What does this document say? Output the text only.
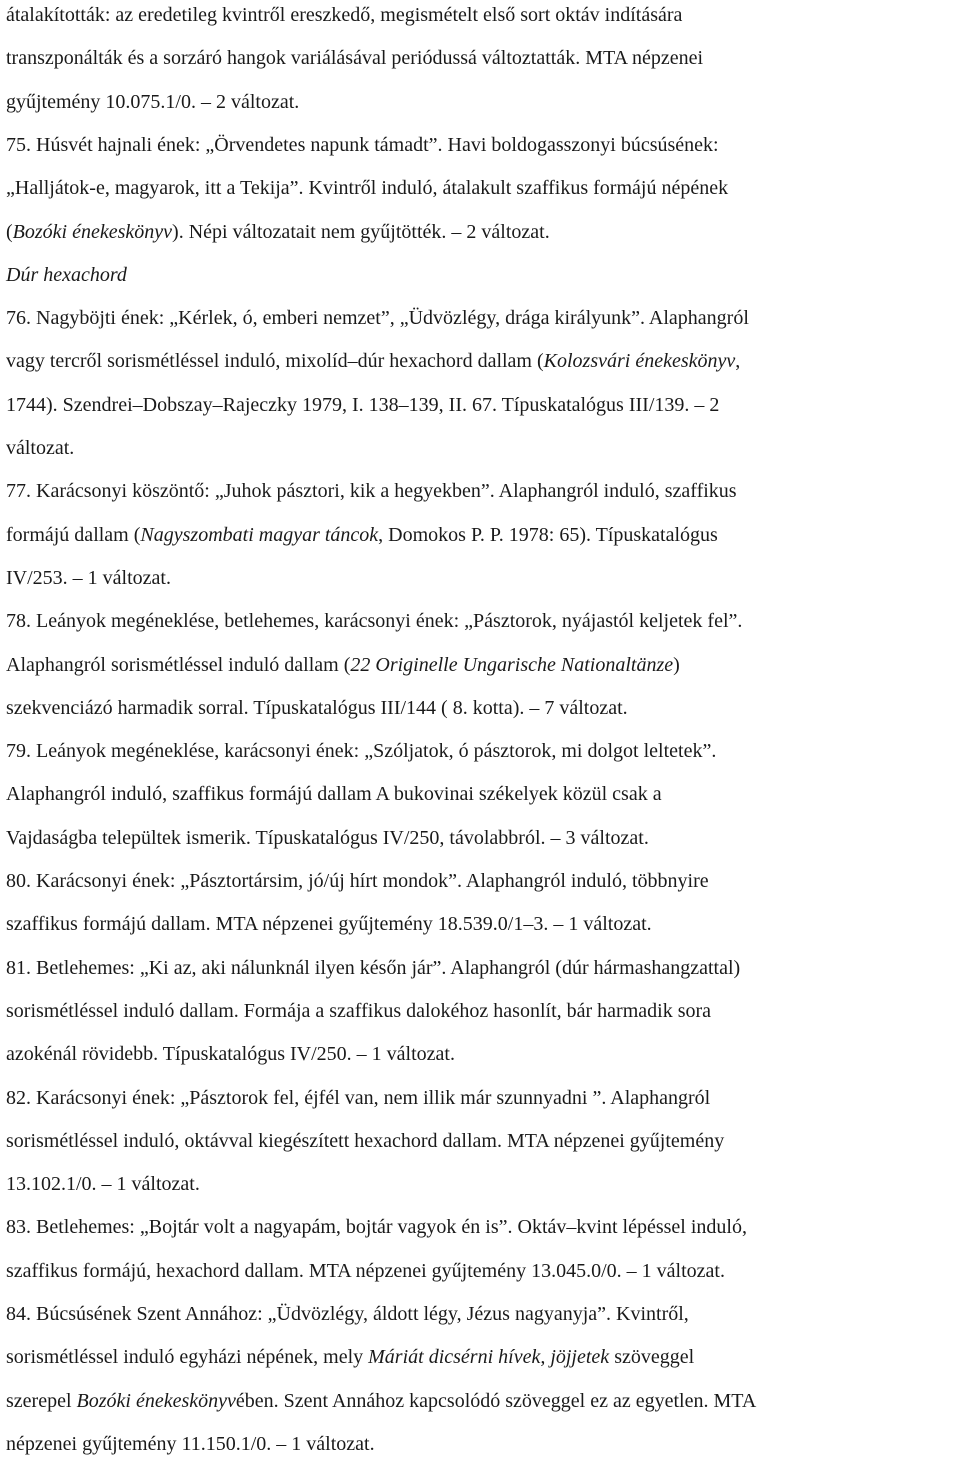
átalakították: az eredetileg kvintről ereszkedő, megismételt első sort oktáv indítására
transzponálták és a sorzáró hangok variálásával periódussá változtatták. MTA népzenei
gyűjtemény 10.075.1/0. – 2 változat.
75. Húsvét hajnali ének: „Örvendetes napunk támadt”. Havi boldogasszonyi búcsúsének:
„Halljátok-e, magyarok, itt a Tekija”. Kvintről induló, átalakult szaffikus formájú népének
(Bozóki énekeskönyv). Népi változatait nem gyűjtötték. – 2 változat.
Dúr hexachord
76. Nagyböjti ének: „Kérlek, ó, emberi nemzet”, „Üdvözlégy, drága királyunk”. Alaphangról
vagy tercről sorismétléssel induló, mixolíd–dúr hexachord dallam (Kolozsvári énekeskönyv,
1744). Szendrei–Dobszay–Rajeczky 1979, I. 138–139, II. 67. Típuskatalógus III/139. – 2
változat.
77. Karácsonyi köszöntő: „Juhok pásztori, kik a hegyekben”. Alaphangról induló, szaffikus
formájú dallam (Nagyszombati magyar táncok, Domokos P. P. 1978: 65). Típuskatalógus
IV/253. – 1 változat.
78. Leányok megéneklése, betlehemes, karácsonyi ének: „Pásztorok, nyájastól keljetek fel”.
Alaphangról sorismétléssel induló dallam (22 Originelle Ungarische Nationaltänze)
szekvenciázó harmadik sorral. Típuskatalógus III/144 ( 8. kotta). – 7 változat.
79. Leányok megéneklése, karácsonyi ének: „Szóljatok, ó pásztorok, mi dolgot leltetek”.
Alaphangról induló, szaffikus formájú dallam A bukovinai székelyek közül csak a
Vajdaságba települtek ismerik. Típuskatalógus IV/250, távolabbról. – 3 változat.
80. Karácsonyi ének: „Pásztortársim, jó/új hírt mondok”. Alaphangról induló, többnyire
szaffikus formájú dallam. MTA népzenei gyűjtemény 18.539.0/1–3. – 1 változat.
81. Betlehemes: „Ki az, aki nálunknál ilyen későn jár”. Alaphangról (dúr hármashangzattal)
sorismétléssel induló dallam. Formája a szaffikus dalokéhoz hasonlít, bár harmadik sora
azokénál rövidebb. Típuskatalógus IV/250. – 1 változat.
82. Karácsonyi ének: „Pásztorok fel, éjfél van, nem illik már szunnyadni ”. Alaphangról
sorismétléssel induló, oktávval kiegészített hexachord dallam. MTA népzenei gyűjtemény
13.102.1/0. – 1 változat.
83. Betlehemes: „Bojtár volt a nagyapám, bojtár vagyok én is”. Oktáv–kvint lépéssel induló,
szaffikus formájú, hexachord dallam. MTA népzenei gyűjtemény 13.045.0/0. – 1 változat.
84. Búcsúsének Szent Annához: „Üdvözlégy, áldott légy, Jézus nagyanyja”. Kvintről,
sorismétléssel induló egyházi népének, mely Máriát dicsérni hívek, jöjjetek szöveggel
szerepel Bozóki énekeskönyvében. Szent Annához kapcsolódó szöveggel ez az egyetlen. MTA
népzenei gyűjtemény 11.150.1/0. – 1 változat.
